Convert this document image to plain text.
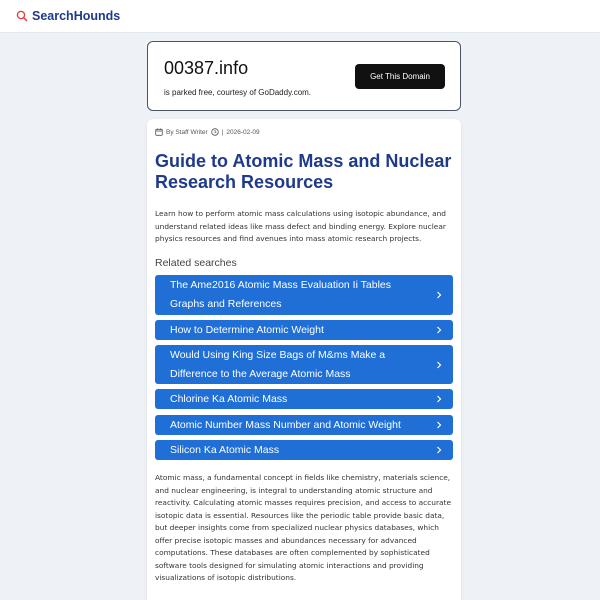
SearchHounds
00387.info
is parked free, courtesy of GoDaddy.com.
Get This Domain
By Staff Writer | 2026-02-09
Guide to Atomic Mass and Nuclear Research Resources

Learn how to perform atomic mass calculations using isotopic abundance, and understand related ideas like mass defect and binding energy. Explore nuclear physics resources and find avenues into mass atomic research projects.

Related searches
The Ame2016 Atomic Mass Evaluation Ii Tables Graphs and References
How to Determine Atomic Weight
Would Using King Size Bags of M&ms Make a Difference to the Average Atomic Mass
Chlorine Ka Atomic Mass
Atomic Number Mass Number and Atomic Weight
Silicon Ka Atomic Mass

Atomic mass, a fundamental concept in fields like chemistry, materials science, and nuclear engineering, is integral to understanding atomic structure and reactivity. Calculating atomic masses requires precision, and access to accurate isotopic data is essential. Resources like the periodic table provide basic data, but deeper insights come from specialized nuclear physics databases, which offer precise isotopic masses and abundances necessary for advanced computations. These databases are often complemented by sophisticated software tools designed for simulating atomic interactions and providing visualizations of isotopic distributions.
